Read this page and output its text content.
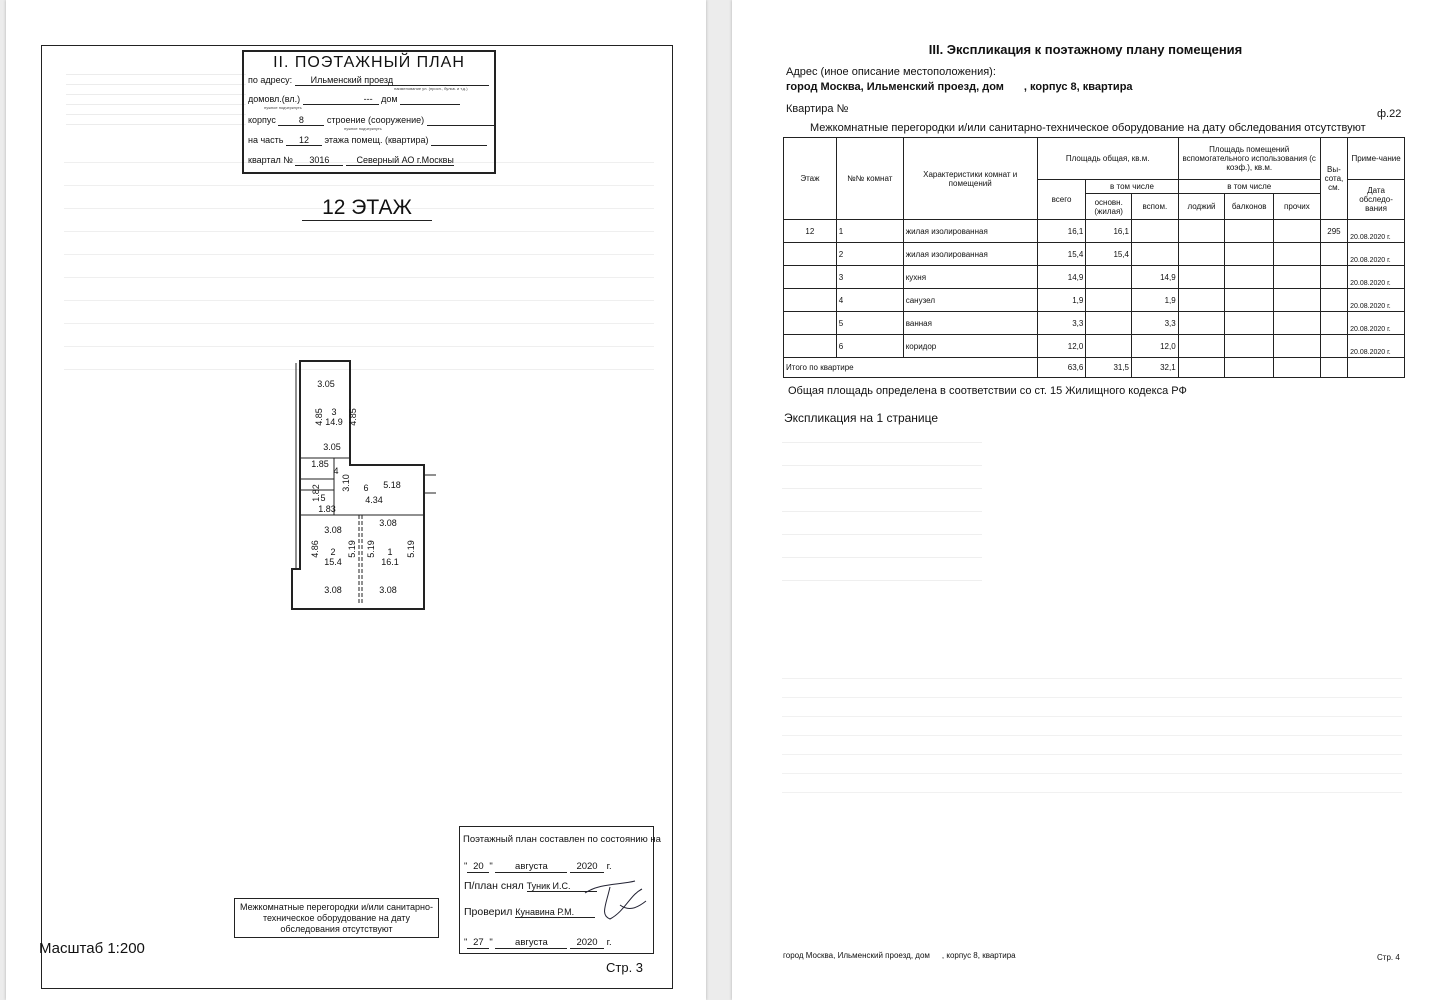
II. ПОЭТАЖНЫЙ ПЛАН
по адресу: Ильменский проезд
наименование ул. (просп., бульв. и т.д.)
домовл.(вл.)	--- дом
нужное подчеркнуть
корпус	8	строение (сооружение)
нужное подчеркнуть
на часть 12 этажа помещ. (квартира)
квартал № 3016	Северный АО г.Москвы
12 ЭТАЖ
3.05
4.85	4.85
3
14.9
3.05
1.85
4
1.82 5
1.83
3.10 6 5.18
4.34
3.08
4.86	5.19
2
15.4
3.08
3.08
5.19	5.19
1
16.1
3.08
Межкомнатные перегородки и/или санитарно-техническое оборудование на дату обследования отсутствуют
Масштаб 1:200
Поэтажный план составлен по состоянию на
" 20 " августа	2020 г.
П/план снял Туник И.С.
Проверил Кунавина Р.М.
" 27 " августа	2020 г.
Стр. 3
III. Экспликация к поэтажному плану помещения
Адрес (иное описание местоположения):
город Москва, Ильменский проезд, дом , корпус 8, квартира
Квартира №	ф.22
Межкомнатные перегородки и/или санитарно-техническое оборудование на дату обследования отсутствуют
Этаж	№№ комнат	Характеристики комнат и помещений	Площадь общая, кв.м.			Площадь помещений вспомогательного использования (с коэф.), кв.м.			Вы-сота, см.	Приме-чание
			всего	в том числе		в том числе				Дата обследо-вания
				основн. (жилая)	вспом.	лоджий	балконов	прочих		
12	1	жилая изолированная	16,1	16,1					295	20.08.2020 г.
	2	жилая изолированная	15,4	15,4						20.08.2020 г.
	3	кухня	14,9		14,9					20.08.2020 г.
	4	санузел	1,9		1,9					20.08.2020 г.
	5	ванная	3,3		3,3					20.08.2020 г.
	6	коридор	12,0		12,0					20.08.2020 г.
Итого по квартире			63,6	31,5	32,1					
Общая площадь определена в соответствии со ст. 15 Жилищного кодекса РФ
Экспликация на 1 странице
город Москва, Ильменский проезд, дом , корпус 8, квартира	Стр. 4
